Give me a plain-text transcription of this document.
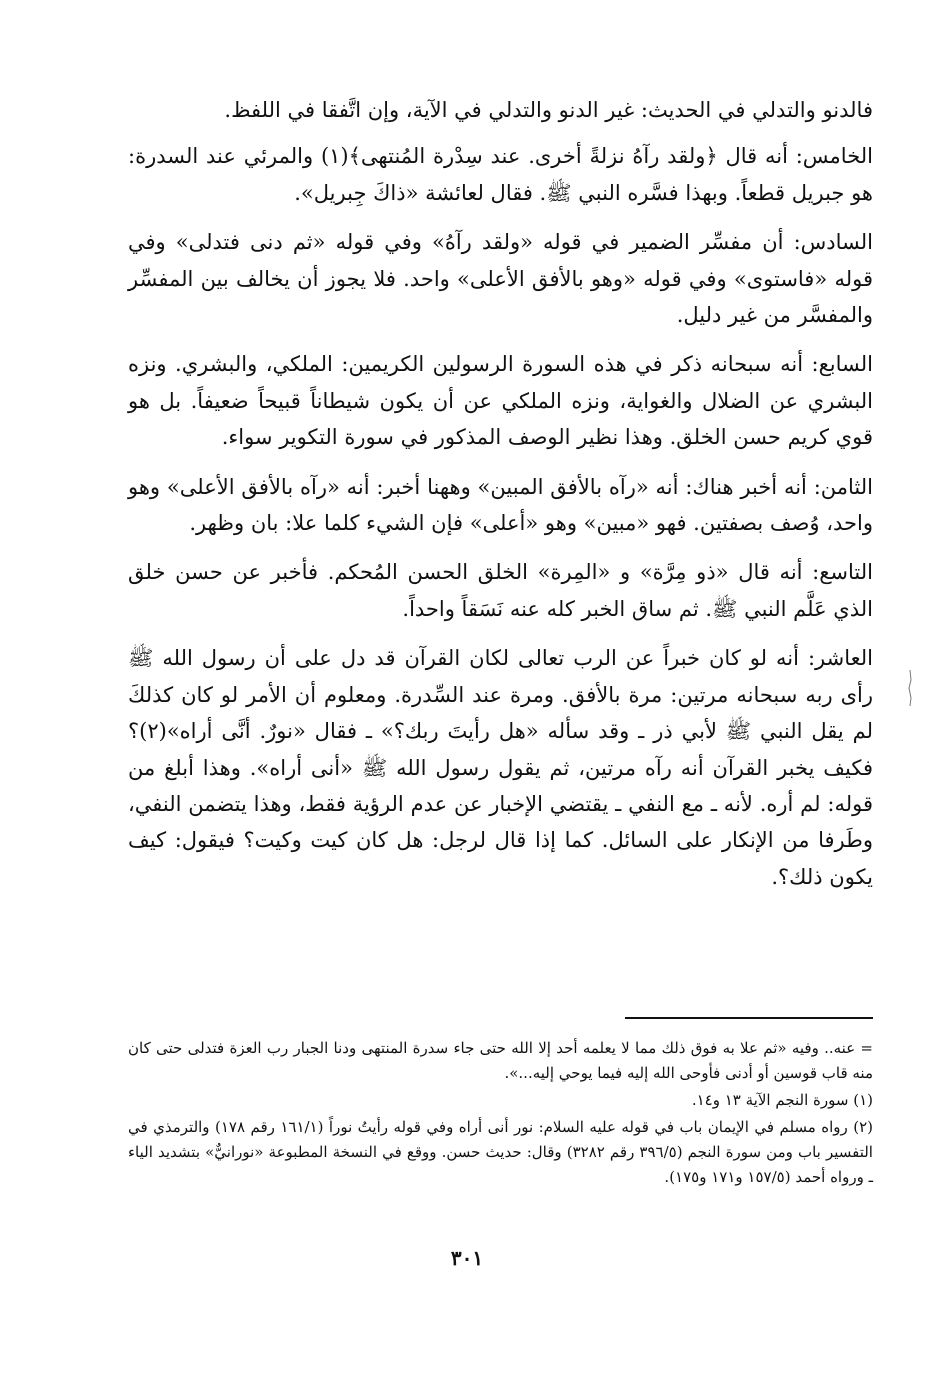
فالدنو والتدلي في الحديث: غير الدنو والتدلي في الآية، وإن اتَّفقا في اللفظ.

الخامس: أنه قال ﴿ولقد رآهُ نزلةً أخرى. عند سِدْرة المُنتهى﴾(١) والمرئي عند السدرة: هو جبريل قطعاً. وبهذا فسَّره النبي ﷺ. فقال لعائشة «ذاكَ جِبريل».

السادس: أن مفسِّر الضمير في قوله «ولقد رآهُ» وفي قوله «ثم دنى فتدلى» وفي قوله «فاستوى» وفي قوله «وهو بالأفق الأعلى» واحد. فلا يجوز أن يخالف بين المفسِّر والمفسَّر من غير دليل.

السابع: أنه سبحانه ذكر في هذه السورة الرسولين الكريمين: الملكي، والبشري. ونزه البشري عن الضلال والغواية، ونزه الملكي عن أن يكون شيطاناً قبيحاً ضعيفاً. بل هو قوي كريم حسن الخلق. وهذا نظير الوصف المذكور في سورة التكوير سواء.

الثامن: أنه أخبر هناك: أنه «رآه بالأفق المبين» وههنا أخبر: أنه «رآه بالأفق الأعلى» وهو واحد، وُصف بصفتين. فهو «مبين» وهو «أعلى» فإن الشيء كلما علا: بان وظهر.

التاسع: أنه قال «ذو مِرَّة» و «المِرة» الخلق الحسن المُحكم. فأخبر عن حسن خلق الذي عَلَّم النبي ﷺ. ثم ساق الخبر كله عنه نَسَقاً واحداً.

العاشر: أنه لو كان خبراً عن الرب تعالى لكان القرآن قد دل على أن رسول الله ﷺ رأى ربه سبحانه مرتين: مرة بالأفق. ومرة عند السِّدرة. ومعلوم أن الأمر لو كان كذلكَ لم يقل النبي ﷺ لأبي ذر ـ وقد سأله «هل رأيتَ ربك؟» ـ فقال «نورٌ. أنَّى أراه»(٢)؟ فكيف يخبر القرآن أنه رآه مرتين، ثم يقول رسول الله ﷺ «أنى أراه». وهذا أبلغ من قوله: لم أره. لأنه ـ مع النفي ـ يقتضي الإخبار عن عدم الرؤية فقط، وهذا يتضمن النفي، وطَرفا من الإنكار على السائل. كما إذا قال لرجل: هل كان كيت وكيت؟ فيقول: كيف يكون ذلك؟.

= عنه.. وفيه «ثم علا به فوق ذلك مما لا يعلمه أحد إلا الله حتى جاء سدرة المنتهى ودنا الجبار رب العزة فتدلى حتى كان منه قاب قوسين أو أدنى فأوحى الله إليه فيما يوحي إليه...».

(١) سورة النجم الآية ١٣ و١٤.

(٢) رواه مسلم في الإيمان باب في قوله عليه السلام: نور أنى أراه وفي قوله رأيتُ نوراً (١٦١/١ رقم ١٧٨) والترمذي في التفسير باب ومن سورة النجم (٣٩٦/٥ رقم ٣٢٨٢) وقال: حديث حسن. ووقع في النسخة المطبوعة «نورانيٌّ» بتشديد الياء ـ ورواه أحمد (١٥٧/٥ و١٧١ و١٧٥).

٣٠١
